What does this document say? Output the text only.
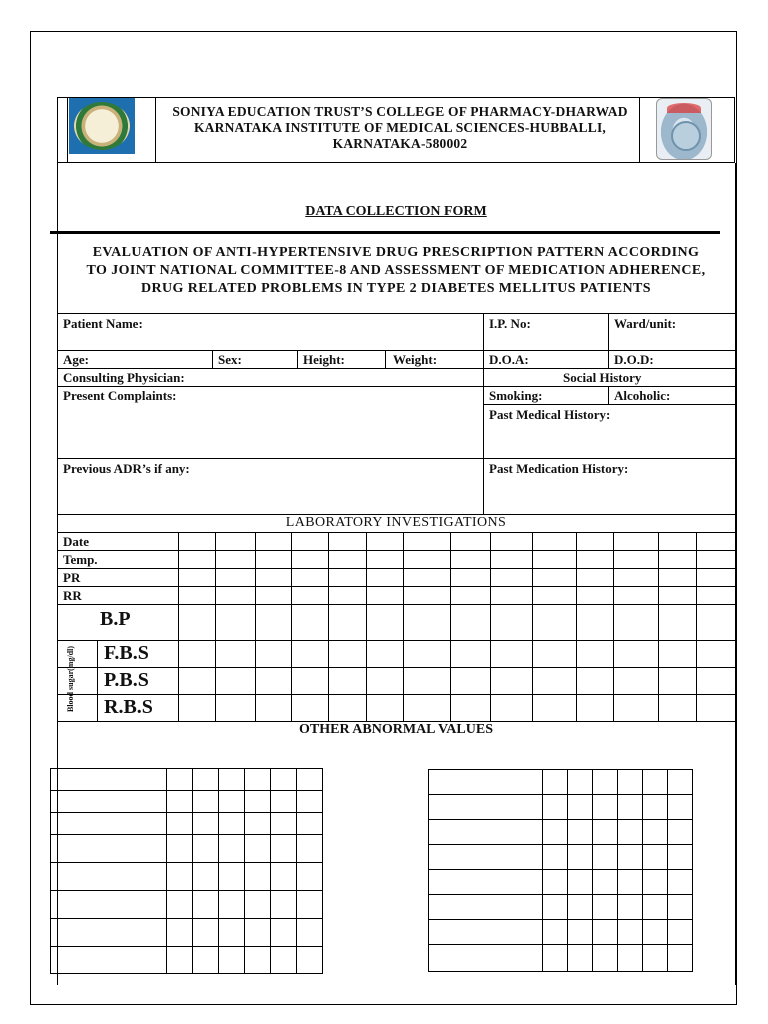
SONIYA EDUCATION TRUST’S COLLEGE OF PHARMACY-DHARWAD
KARNATAKA INSTITUTE OF MEDICAL SCIENCES-HUBBALLI,
KARNATAKA-580002
DATA COLLECTION FORM
EVALUATION OF ANTI-HYPERTENSIVE DRUG PRESCRIPTION PATTERN ACCORDING
TO JOINT NATIONAL COMMITTEE-8 AND ASSESSMENT OF MEDICATION ADHERENCE,
DRUG RELATED PROBLEMS IN TYPE 2 DIABETES MELLITUS PATIENTS
Patient Name:	I.P. No:	Ward/unit:
Age:	Sex:	Height:	Weight:	D.O.A:	D.O.D:
Consulting Physician:	Social History
Present Complaints:	Smoking:	Alcoholic:
Past Medical History:
Previous ADR’s if any:	Past Medication History:
LABORATORY INVESTIGATIONS
Date
Temp.
PR
RR
B.P
F.B.S
P.B.S
R.B.S
Blood sugar(mg/dl)
OTHER ABNORMAL VALUES
